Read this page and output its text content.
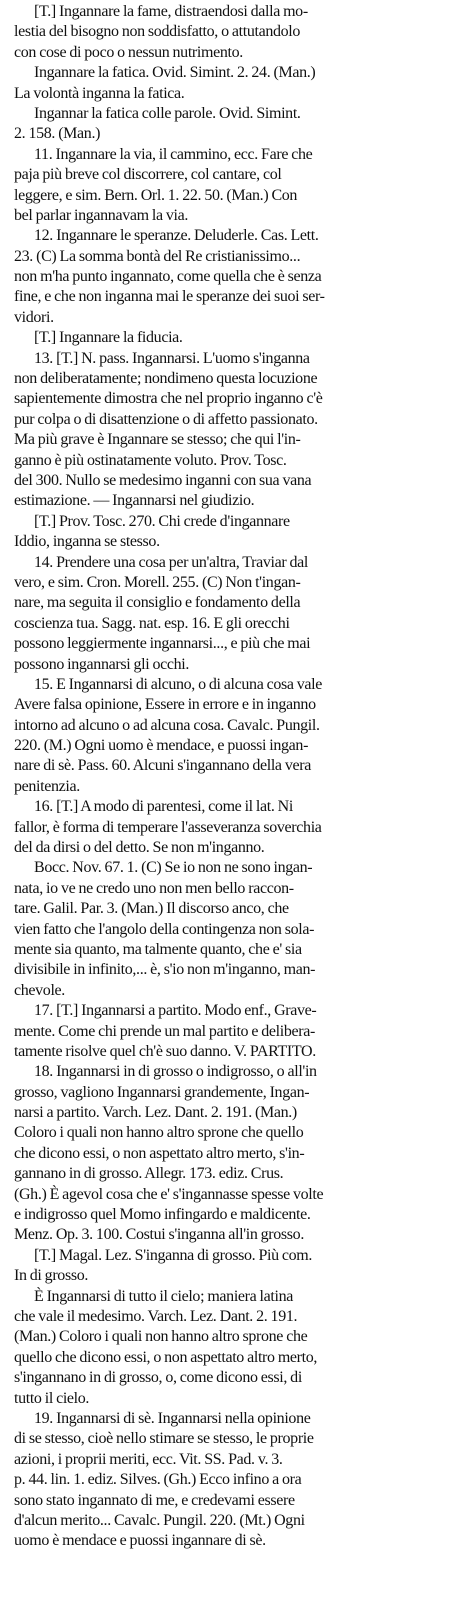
[T.] Ingannare la fame, distraendosi dalla mo-
lestia del bisogno non soddisfatto, o attutandolo
con cose di poco o nessun nutrimento.
Ingannare la fatica. Ovid. Simint. 2. 24. (Man.)
La volontà inganna la fatica.
Ingannar la fatica colle parole. Ovid. Simint.
2. 158. (Man.)
11. Ingannare la via, il cammino, ecc. Fare che
paja più breve col discorrere, col cantare, col
leggere, e sim. Bern. Orl. 1. 22. 50. (Man.) Con
bel parlar ingannavam la via.
12. Ingannare le speranze. Deluderle. Cas. Lett.
23. (C) La somma bontà del Re cristianissimo...
non m'ha punto ingannato, come quella che è senza
fine, e che non inganna mai le speranze dei suoi ser-
vidori.
[T.] Ingannare la fiducia.
13. [T.] N. pass. Ingannarsi. L'uomo s'inganna
non deliberatamente; nondimeno questa locuzione
sapientemente dimostra che nel proprio inganno c'è
pur colpa o di disattenzione o di affetto passionato.
Ma più grave è Ingannare se stesso; che qui l'in-
ganno è più ostinatamente voluto. Prov. Tosc.
del 300. Nullo se medesimo inganni con sua vana
estimazione. — Ingannarsi nel giudizio.
[T.] Prov. Tosc. 270. Chi crede d'ingannare
Iddio, inganna se stesso.
14. Prendere una cosa per un'altra, Traviar dal
vero, e sim. Cron. Morell. 255. (C) Non t'ingan-
nare, ma seguita il consiglio e fondamento della
coscienza tua. Sagg. nat. esp. 16. E gli orecchi
possono leggiermente ingannarsi..., e più che mai
possono ingannarsi gli occhi.
15. E Ingannarsi di alcuno, o di alcuna cosa vale
Avere falsa opinione, Essere in errore e in inganno
intorno ad alcuno o ad alcuna cosa. Cavalc. Pungil.
220. (M.) Ogni uomo è mendace, e puossi ingan-
nare di sè. Pass. 60. Alcuni s'ingannano della vera
penitenzia.
16. [T.] A modo di parentesi, come il lat. Ni
fallor, è forma di temperare l'asseveranza soverchia
del da dirsi o del detto. Se non m'inganno.
Bocc. Nov. 67. 1. (C) Se io non ne sono ingan-
nata, io ve ne credo uno non men bello raccon-
tare. Galil. Par. 3. (Man.) Il discorso anco, che
vien fatto che l'angolo della contingenza non sola-
mente sia quanto, ma talmente quanto, che e' sia
divisibile in infinito,... è, s'io non m'inganno, man-
chevole.
17. [T.] Ingannarsi a partito. Modo enf., Grave-
mente. Come chi prende un mal partito e delibera-
tamente risolve quel ch'è suo danno. V. PARTITO.
18. Ingannarsi in di grosso o indigrosso, o all'in
grosso, vagliono Ingannarsi grandemente, Ingan-
narsi a partito. Varch. Lez. Dant. 2. 191. (Man.)
Coloro i quali non hanno altro sprone che quello
che dicono essi, o non aspettato altro merto, s'in-
gannano in di grosso. Allegr. 173. ediz. Crus.
(Gh.) È agevol cosa che e' s'ingannasse spesse volte
e indigrosso quel Momo infingardo e maldicente.
Menz. Op. 3. 100. Costui s'inganna all'in grosso.
[T.] Magal. Lez. S'inganna di grosso. Più com.
In di grosso.
È Ingannarsi di tutto il cielo; maniera latina
che vale il medesimo. Varch. Lez. Dant. 2. 191.
(Man.) Coloro i quali non hanno altro sprone che
quello che dicono essi, o non aspettato altro merto,
s'ingannano in di grosso, o, come dicono essi, di
tutto il cielo.
19. Ingannarsi di sè. Ingannarsi nella opinione
di se stesso, cioè nello stimare se stesso, le proprie
azioni, i proprii meriti, ecc. Vit. SS. Pad. v. 3.
p. 44. lin. 1. ediz. Silves. (Gh.) Ecco infino a ora
sono stato ingannato di me, e credevami essere
d'alcun merito... Cavalc. Pungil. 220. (Mt.) Ogni
uomo è mendace e puossi ingannare di sè.
